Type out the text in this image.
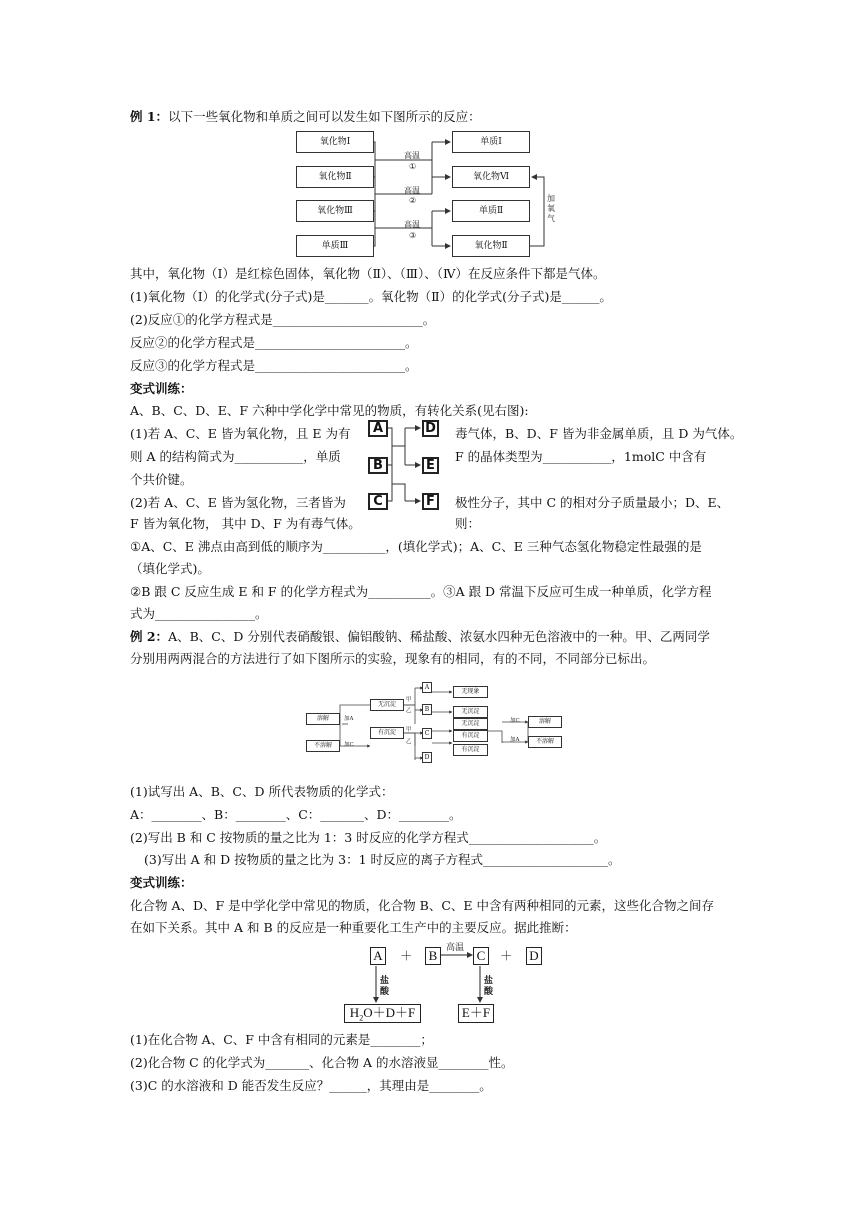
例 1：以下一些氧化物和单质之间可以发生如下图所示的反应：
氧化物Ⅰ
氧化物Ⅱ
氧化物Ⅲ
单质Ⅲ
单质Ⅰ
氧化物Ⅵ
单质Ⅱ
氧化物Ⅱ
高温
①
高温
②
高温
③
加
氧
气
其中，氧化物（Ⅰ）是红棕色固体，氧化物（Ⅱ）、（Ⅲ）、（Ⅳ）在反应条件下都是气体。
(1)氧化物（Ⅰ）的化学式(分子式)是_______。氧化物（Ⅱ）的化学式(分子式)是______。
(2)反应①的化学方程式是________________________。
反应②的化学方程式是________________________。
反应③的化学方程式是________________________。
变式训练：
A、B、C、D、E、F 六种中学化学中常见的物质，有转化关系(见右图):
(1)若 A、C、E 皆为氧化物，且 E 为有
则 A 的结构简式为___________，单质
个共价键。
毒气体，B、D、F 皆为非金属单质，且 D 为气体。
F 的晶体类型为___________，1molC 中含有
(2)若 A、C、E 皆为氢化物，三者皆为
F 皆为氧化物， 其中 D、F 为有毒气体。
极性分子，其中 C 的相对分子质量最小；D、E、
则：
A
B
C
D
E
F
①A、C、E 沸点由高到低的顺序为__________，(填化学式)；A、C、E 三种气态氢化物稳定性最强的是
（填化学式)。
②B 跟 C 反应生成 E 和 F 的化学方程式为__________。③A 跟 D 常温下反应可生成一种单质，化学方程
式为________________。
例 2：A、B、C、D 分别代表硝酸银、偏铝酸钠、稀盐酸、浓氨水四种无色溶液中的一种。甲、乙两同学
分别用两两混合的方法进行了如下图所示的实验，现象有的相同，有的不同，不同部分已标出。
溶解
不溶解
加A
加C
无沉淀
有沉淀
甲
乙
甲
乙
A
B
C
D
无现象
无沉淀
无沉淀
有沉淀
有沉淀
加C
加A
溶解
不溶解
(1)试写出 A、B、C、D 所代表物质的化学式：
A：________、B：________、C：_______、D：________。
(2)写出 B 和 C 按物质的量之比为 1：3 时反应的化学方程式____________________。
(3)写出 A 和 D 按物质的量之比为 3：1 时反应的离子方程式____________________。
变式训练：
化合物 A、D、F 是中学化学中常见的物质，化合物 B、C、E 中含有两种相同的元素，这些化合物之间存
在如下关系。其中 A 和 B 的反应是一种重要化工生产中的主要反应。据此推断：
A ＋ B	C ＋ D
高温
盐
酸
盐
酸
$H_2O+D+F$	E＋F
(1)在化合物 A、C、F 中含有相同的元素是________；
(2)化合物 C 的化学式为_______、化合物 A 的水溶液显________性。
(3)C 的水溶液和 D 能否发生反应？______，其理由是________。
